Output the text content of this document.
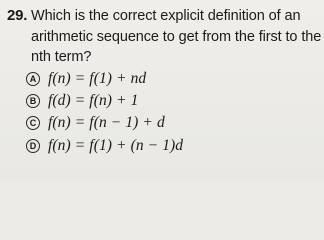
29. Which is the correct explicit definition of an
arithmetic sequence to get from the first to the
nth term?
A f(n) = f(1) + nd
B f(d) = f(n) + 1
C f(n) = f(n − 1) + d
D f(n) = f(1) + (n − 1)d
